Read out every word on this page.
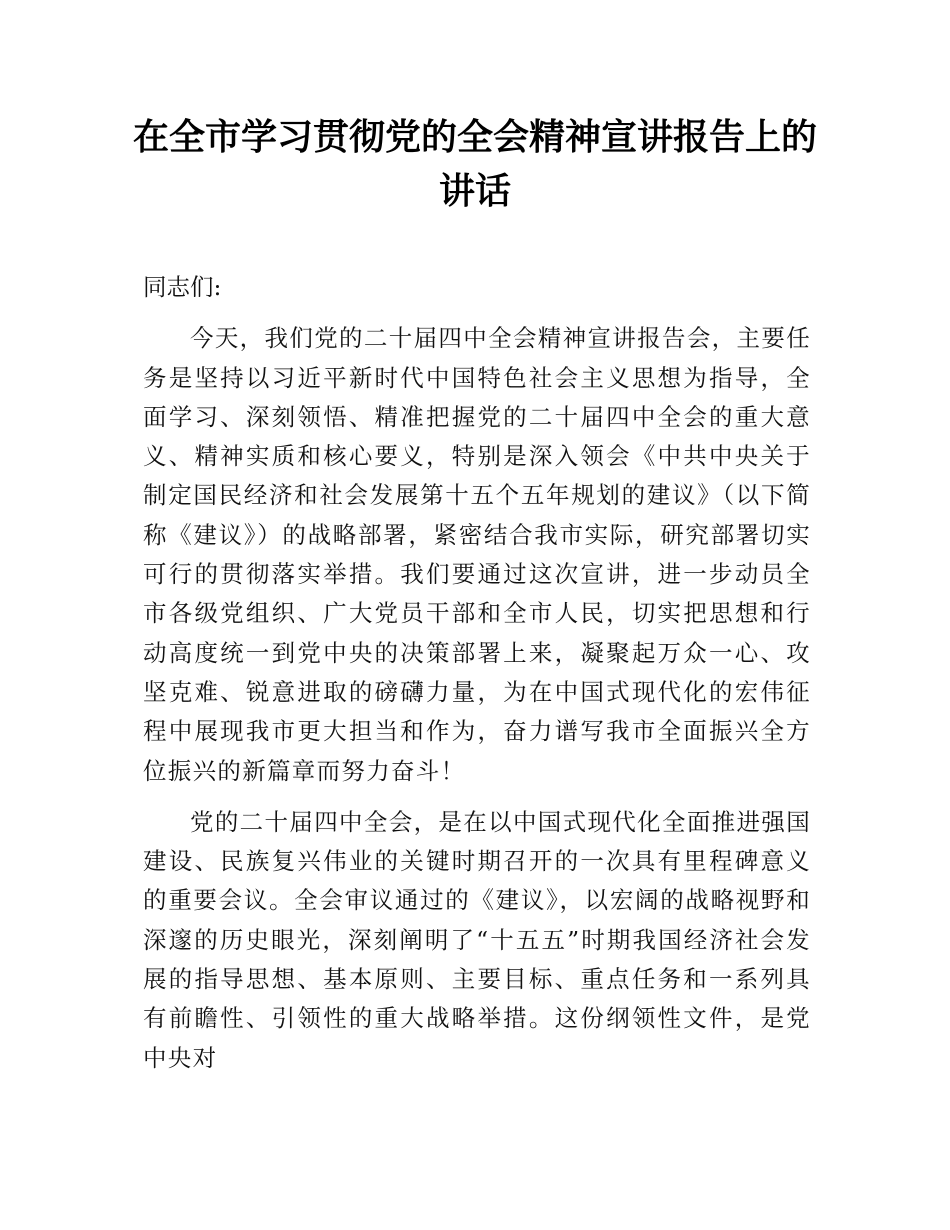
在全市学习贯彻党的全会精神宣讲报告上的讲话

同志们:

今天，我们党的二十届四中全会精神宣讲报告会，主要任务是坚持以习近平新时代中国特色社会主义思想为指导，全面学习、深刻领悟、精准把握党的二十届四中全会的重大意义、精神实质和核心要义，特别是深入领会《中共中央关于制定国民经济和社会发展第十五个五年规划的建议》（以下简称《建议》）的战略部署，紧密结合我市实际，研究部署切实可行的贯彻落实举措。我们要通过这次宣讲，进一步动员全市各级党组织、广大党员干部和全市人民，切实把思想和行动高度统一到党中央的决策部署上来，凝聚起万众一心、攻坚克难、锐意进取的磅礴力量，为在中国式现代化的宏伟征程中展现我市更大担当和作为，奋力谱写我市全面振兴全方位振兴的新篇章而努力奋斗！

党的二十届四中全会，是在以中国式现代化全面推进强国建设、民族复兴伟业的关键时期召开的一次具有里程碑意义的重要会议。全会审议通过的《建议》，以宏阔的战略视野和深邃的历史眼光，深刻阐明了“十五五”时期我国经济社会发展的指导思想、基本原则、主要目标、重点任务和一系列具有前瞻性、引领性的重大战略举措。这份纲领性文件，是党中央对
